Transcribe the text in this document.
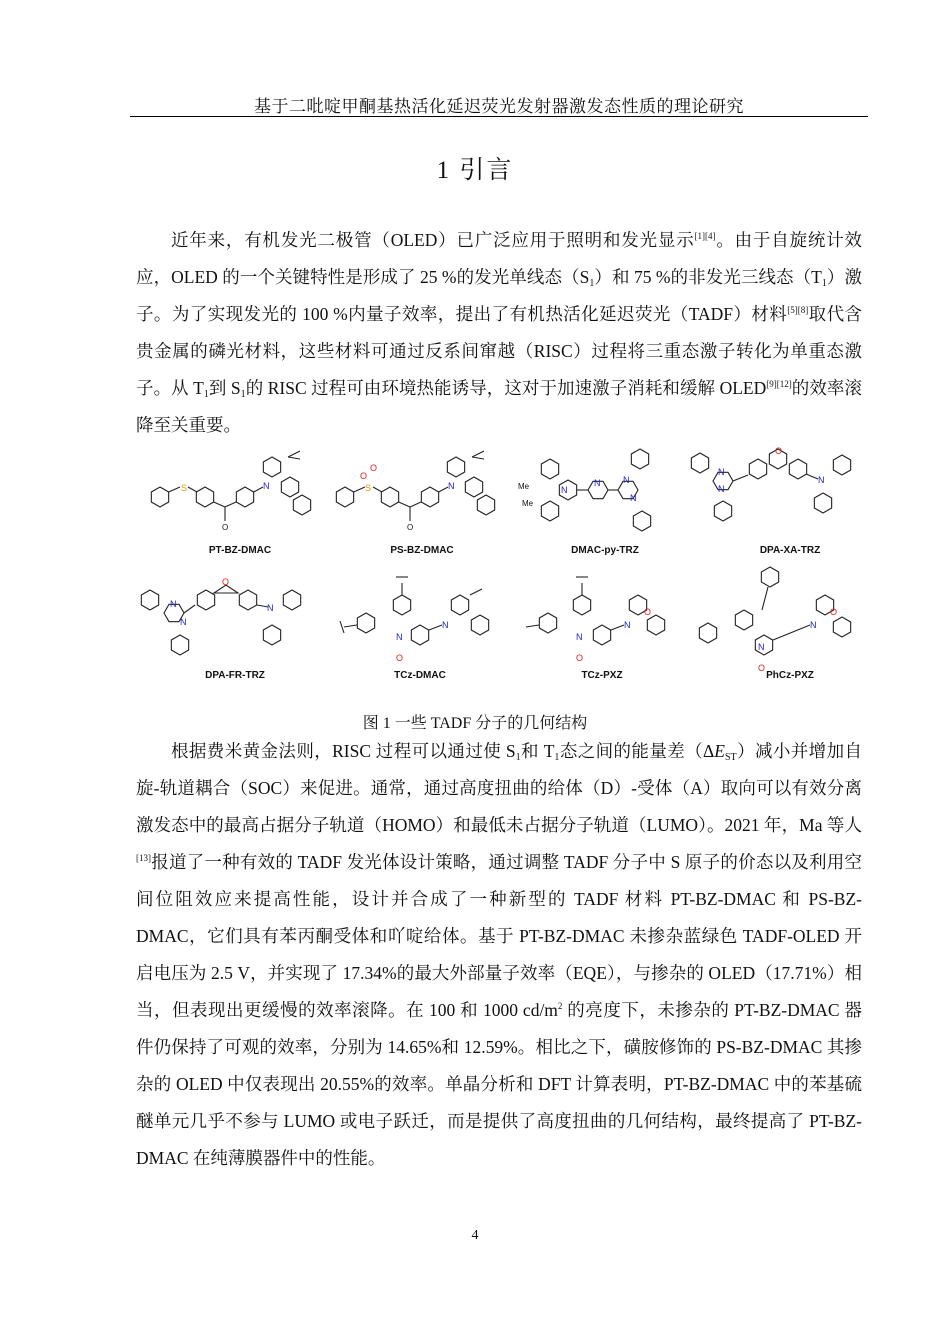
基于二吡啶甲酮基热活化延迟荧光发射器激发态性质的理论研究
1 引言

近年来，有机发光二极管（OLED）已广泛应用于照明和发光显示[1][4]。由于自旋统计效应，OLED 的一个关键特性是形成了 25 %的发光单线态$(S_1)$和 75 %的非发光三线态$(T_1)$激子。为了实现发光的 100 %内量子效率，提出了有机热活化延迟荧光（TADF）材料[5][8]取代含贵金属的磷光材料，这些材料可通过反系间窜越（RISC）过程将三重态激子转化为单重态激子。从 $T_1$到 $S_1$的 RISC 过程可由环境热能诱导，这对于加速激子消耗和缓解 OLED[9][12]的效率滚降至关重要。

S
O
N
PT-BZ-DMAC
S
O
O
O
N
PS-BZ-DMAC
Me
Me
N
N	N
N
DMAC-py-TRZ
N
N
O
N
DPA-XA-TRZ
N
N
O
N
DPA-FR-TRZ
N
O
N
TCz-DMAC
N
O
N
O
TCz-PXZ
N
O
N
O
PhCz-PXZ
图 1 一些 TADF 分子的几何结构

根据费米黄金法则，RISC 过程可以通过使 $S_1$和 $T_1$态之间的能量差$(\Delta E_{ST})$减小并增加自旋-轨道耦合（SOC）来促进。通常，通过高度扭曲的给体（D）-受体（A）取向可以有效分离激发态中的最高占据分子轨道（HOMO）和最低未占据分子轨道（LUMO）。2021 年，Ma 等人[13]报道了一种有效的 TADF 发光体设计策略，通过调整 TADF 分子中 S 原子的价态以及利用空间位阻效应来提高性能，设计并合成了一种新型的 TADF 材料 PT-BZ-DMAC 和 PS-BZ-DMAC，它们具有苯丙酮受体和吖啶给体。基于 PT-BZ-DMAC 未掺杂蓝绿色 TADF-OLED 开启电压为 2.5 V，并实现了 17.34%的最大外部量子效率（EQE），与掺杂的 OLED（17.71%）相当，但表现出更缓慢的效率滚降。在 100 和 1000 $cd/m^2$ 的亮度下，未掺杂的 PT-BZ-DMAC 器件仍保持了可观的效率，分别为 14.65%和 12.59%。相比之下，磺胺修饰的 PS-BZ-DMAC 其掺杂的 OLED 中仅表现出 20.55%的效率。单晶分析和 DFT 计算表明，PT-BZ-DMAC 中的苯基硫醚单元几乎不参与 LUMO 或电子跃迁，而是提供了高度扭曲的几何结构，最终提高了 PT-BZ-DMAC 在纯薄膜器件中的性能。

4
